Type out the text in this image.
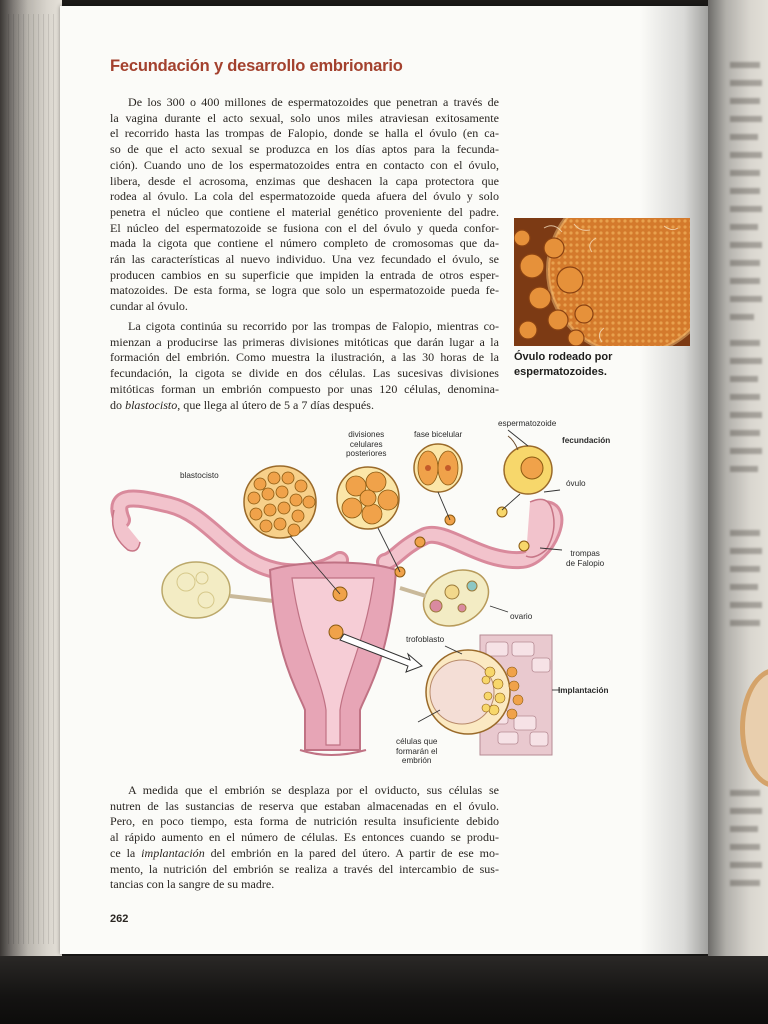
Fecundación y desarrollo embrionario

De los 300 o 400 millones de espermatozoides que penetran a través de
la vagina durante el acto sexual, solo unos miles atraviesan exitosamente
el recorrido hasta las trompas de Falopio, donde se halla el óvulo (en ca-
so de que el acto sexual se produzca en los días aptos para la fecunda-
ción). Cuando uno de los espermatozoides entra en contacto con el óvulo,
libera, desde el acrosoma, enzimas que deshacen la capa protectora que
rodea al óvulo. La cola del espermatozoide queda afuera del óvulo y solo
penetra el núcleo que contiene el material genético proveniente del padre.
El núcleo del espermatozoide se fusiona con el del óvulo y queda confor-
mada la cigota que contiene el número completo de cromosomas que da-
rán las características al nuevo individuo. Una vez fecundado el óvulo, se
producen cambios en su superficie que impiden la entrada de otros esper-
matozoides. De esta forma, se logra que solo un espermatozoide pueda fe-
cundar al óvulo.

La cigota continúa su recorrido por las trompas de Falopio, mientras co-
mienzan a producirse las primeras divisiones mitóticas que darán lugar a la
formación del embrión. Como muestra la ilustración, a las 30 horas de la
fecundación, la cigota se divide en dos células. Las sucesivas divisiones
mitóticas forman un embrión compuesto por unas 120 células, denomina-
do blastocisto, que llega al útero de 5 a 7 días después.

Óvulo rodeado por
espermatozoides.
espermatozoide
fecundación
fase bicelular
divisiones
celulares
posteriores
blastocisto
óvulo
trompas
de Falopio
ovario
trofoblasto
Implantación
células que
formarán el
embrión

A medida que el embrión se desplaza por el oviducto, sus células se
nutren de las sustancias de reserva que estaban almacenadas en el óvulo.
Pero, en poco tiempo, esta forma de nutrición resulta insuficiente debido
al rápido aumento en el número de células. Es entonces cuando se produ-
ce la implantación del embrión en la pared del útero. A partir de ese mo-
mento, la nutrición del embrión se realiza a través del intercambio de sus-
tancias con la sangre de su madre.

262
